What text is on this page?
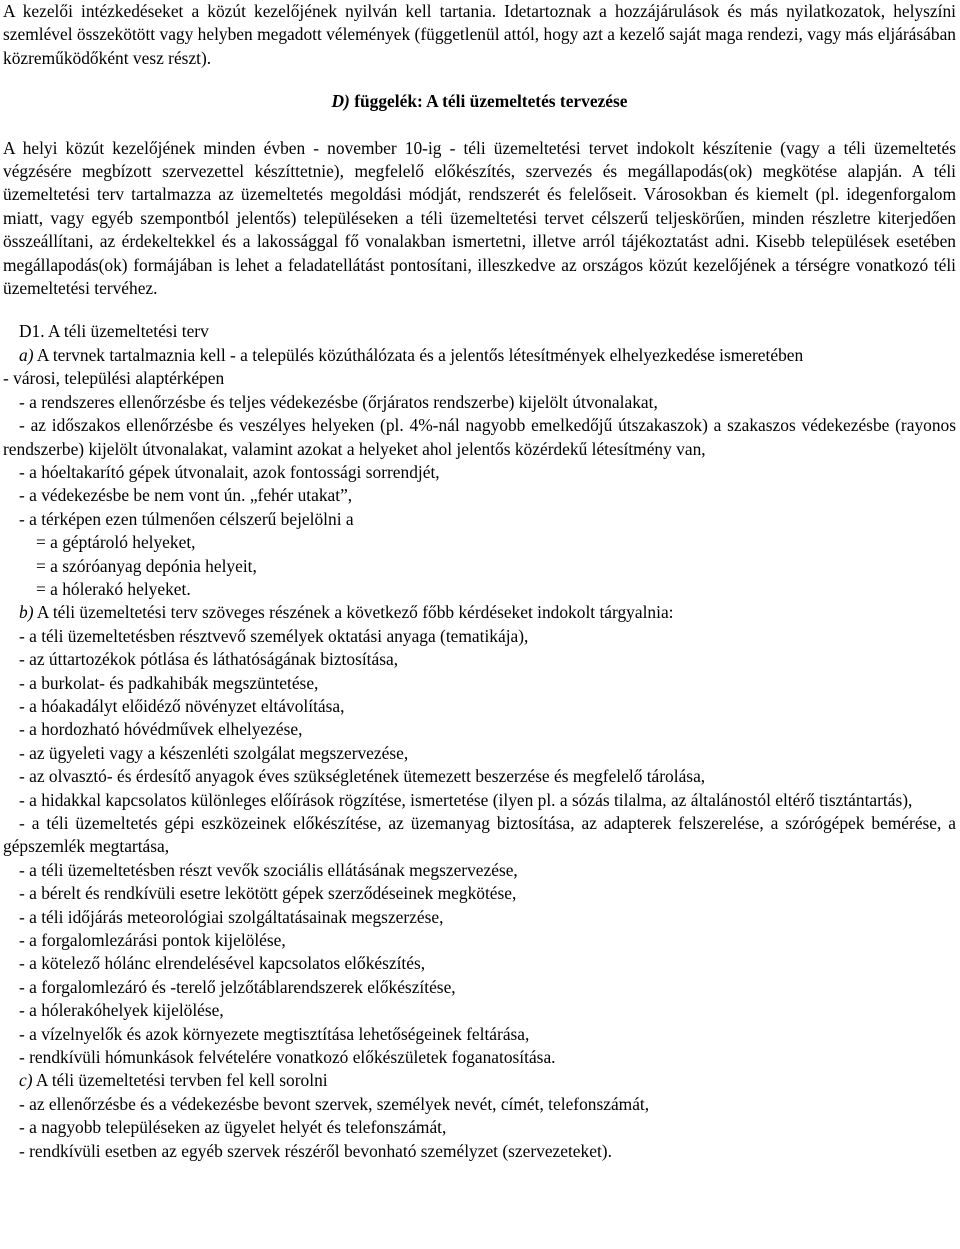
A kezelői intézkedéseket a közút kezelőjének nyilván kell tartania. Idetartoznak a hozzájárulások és más nyilatkozatok, helyszíni szemlével összekötött vagy helyben megadott vélemények (függetlenül attól, hogy azt a kezelő saját maga rendezi, vagy más eljárásában közreműködőként vesz részt).

D) függelék: A téli üzemeltetés tervezése

A helyi közút kezelőjének minden évben - november 10-ig - téli üzemeltetési tervet indokolt készítenie (vagy a téli üzemeltetés végzésére megbízott szervezettel készíttetnie), megfelelő előkészítés, szervezés és megállapodás(ok) megkötése alapján. A téli üzemeltetési terv tartalmazza az üzemeltetés megoldási módját, rendszerét és felelőseit. Városokban és kiemelt (pl. idegenforgalom miatt, vagy egyéb szempontból jelentős) településeken a téli üzemeltetési tervet célszerű teljeskörűen, minden részletre kiterjedően összeállítani, az érdekeltekkel és a lakossággal fő vonalakban ismertetni, illetve arról tájékoztatást adni. Kisebb települések esetében megállapodás(ok) formájában is lehet a feladatellátást pontosítani, illeszkedve az országos közút kezelőjének a térségre vonatkozó téli üzemeltetési tervéhez.

D1. A téli üzemeltetési terv

a) A tervnek tartalmaznia kell - a település közúthálózata és a jelentős létesítmények elhelyezkedése ismeretében

- városi, települési alaptérképen

- a rendszeres ellenőrzésbe és teljes védekezésbe (őrjáratos rendszerbe) kijelölt útvonalakat,

- az időszakos ellenőrzésbe és veszélyes helyeken (pl. 4%-nál nagyobb emelkedőjű útszakaszok) a szakaszos védekezésbe (rayonos rendszerbe) kijelölt útvonalakat, valamint azokat a helyeket ahol jelentős közérdekű létesítmény van,

- a hóeltakarító gépek útvonalait, azok fontossági sorrendjét,

- a védekezésbe be nem vont ún. „fehér utakat”,

- a térképen ezen túlmenően célszerű bejelölni a

= a géptároló helyeket,

= a szóróanyag depónia helyeit,

= a hólerakó helyeket.

b) A téli üzemeltetési terv szöveges részének a következő főbb kérdéseket indokolt tárgyalnia:

- a téli üzemeltetésben résztvevő személyek oktatási anyaga (tematikája),

- az úttartozékok pótlása és láthatóságának biztosítása,

- a burkolat- és padkahibák megszüntetése,

- a hóakadályt előidéző növényzet eltávolítása,

- a hordozható hóvédművek elhelyezése,

- az ügyeleti vagy a készenléti szolgálat megszervezése,

- az olvasztó- és érdesítő anyagok éves szükségletének ütemezett beszerzése és megfelelő tárolása,

- a hidakkal kapcsolatos különleges előírások rögzítése, ismertetése (ilyen pl. a sózás tilalma, az általánostól eltérő tisztántartás),

- a téli üzemeltetés gépi eszközeinek előkészítése, az üzemanyag biztosítása, az adapterek felszerelése, a szórógépek bemérése, a gépszemlék megtartása,

- a téli üzemeltetésben részt vevők szociális ellátásának megszervezése,

- a bérelt és rendkívüli esetre lekötött gépek szerződéseinek megkötése,

- a téli időjárás meteorológiai szolgáltatásainak megszerzése,

- a forgalomlezárási pontok kijelölése,

- a kötelező hólánc elrendelésével kapcsolatos előkészítés,

- a forgalomlezáró és -terelő jelzőtáblarendszerek előkészítése,

- a hólerakóhelyek kijelölése,

- a vízelnyelők és azok környezete megtisztítása lehetőségeinek feltárása,

- rendkívüli hómunkások felvételére vonatkozó előkészületek foganatosítása.

c) A téli üzemeltetési tervben fel kell sorolni

- az ellenőrzésbe és a védekezésbe bevont szervek, személyek nevét, címét, telefonszámát,

- a nagyobb településeken az ügyelet helyét és telefonszámát,

- rendkívüli esetben az egyéb szervek részéről bevonható személyzet (szervezeteket).
